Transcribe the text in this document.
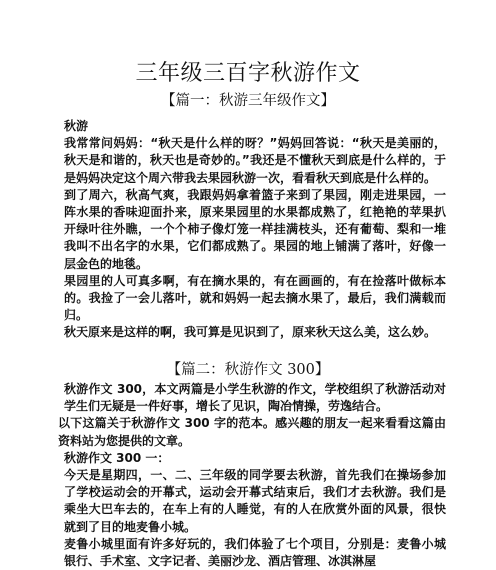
三年级三百字秋游作文
【篇一：秋游三年级作文】

秋游

我常常问妈妈：“秋天是什么样的呀？”妈妈回答说：“秋天是美丽的，秋天是和谐的，秋天也是奇妙的。”我还是不懂秋天到底是什么样的，于是妈妈决定这个周六带我去果园秋游一次，看看秋天到底是什么样的。

到了周六，秋高气爽，我跟妈妈拿着篮子来到了果园，刚走进果园，一阵水果的香味迎面扑来，原来果园里的水果都成熟了，红艳艳的苹果扒开绿叶往外瞧，一个个柿子像灯笼一样挂满枝头，还有葡萄、梨和一堆我叫不出名字的水果，它们都成熟了。果园的地上铺满了落叶，好像一层金色的地毯。

果园里的人可真多啊，有在摘水果的，有在画画的，有在捡落叶做标本的。我捡了一会儿落叶，就和妈妈一起去摘水果了，最后，我们满载而归。

秋天原来是这样的啊，我可算是见识到了，原来秋天这么美，这么妙。

【篇二：秋游作文 300】

秋游作文 300，本文两篇是小学生秋游的作文，学校组织了秋游活动对学生们无疑是一件好事，增长了见识，陶冶情操，劳逸结合。

以下这篇关于秋游作文 300 字的范本。感兴趣的朋友一起来看看这篇由资料站为您提供的文章。

秋游作文 300 一：

今天是星期四，一、二、三年级的同学要去秋游，首先我们在操场参加了学校运动会的开幕式，运动会开幕式结束后，我们才去秋游。我们是乘坐大巴车去的，在车上有的人睡觉，有的人在欣赏外面的风景，很快就到了目的地麦鲁小城。

麦鲁小城里面有许多好玩的，我们体验了七个项目，分别是：麦鲁小城银行、手术室、文字记者、美丽沙龙、酒店管理、冰淇淋屋
